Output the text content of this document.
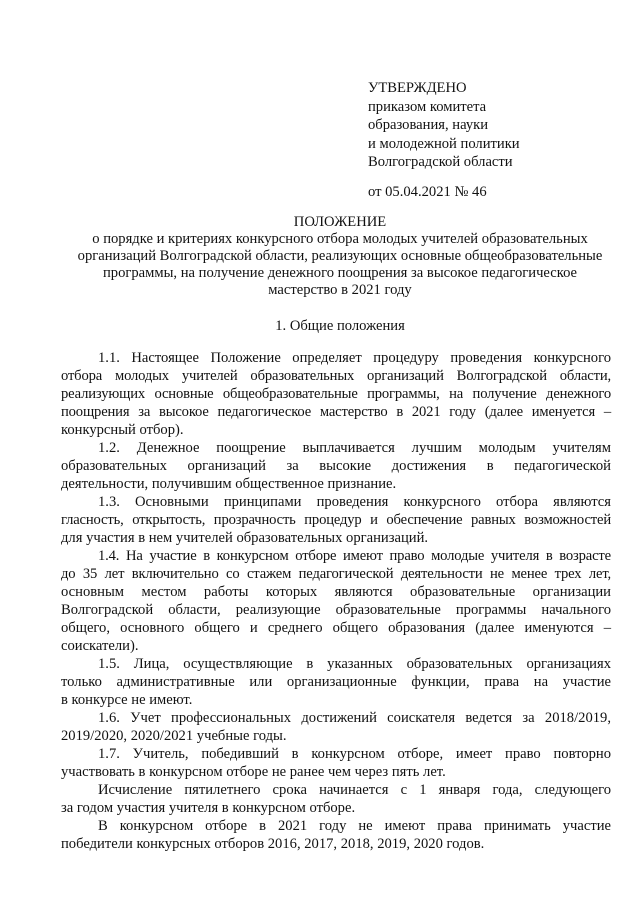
УТВЕРЖДЕНО
приказом комитета
образования, науки
и молодежной политики
Волгоградской области
от 05.04.2021 № 46
ПОЛОЖЕНИЕ
о порядке и критериях конкурсного отбора молодых учителей образовательных
организаций Волгоградской области, реализующих основные общеобразовательные
программы, на получение денежного поощрения за высокое педагогическое
мастерство в 2021 году
1. Общие положения
1.1. Настоящее Положение определяет процедуру проведения конкурсного
отбора молодых учителей образовательных организаций Волгоградской области,
реализующих основные общеобразовательные программы, на получение денежного
поощрения за высокое педагогическое мастерство в 2021 году (далее именуется –
конкурсный отбор).
1.2. Денежное поощрение выплачивается лучшим молодым учителям
образовательных организаций за высокие достижения в педагогической
деятельности, получившим общественное признание.
1.3. Основными принципами проведения конкурсного отбора являются
гласность, открытость, прозрачность процедур и обеспечение равных возможностей
для участия в нем учителей образовательных организаций.
1.4. На участие в конкурсном отборе имеют право молодые учителя в возрасте
до 35 лет включительно со стажем педагогической деятельности не менее трех лет,
основным местом работы которых являются образовательные организации
Волгоградской области, реализующие образовательные программы начального
общего, основного общего и среднего общего образования (далее именуются –
соискатели).
1.5. Лица, осуществляющие в указанных образовательных организациях
только административные или организационные функции, права на участие
в конкурсе не имеют.
1.6. Учет профессиональных достижений соискателя ведется за 2018/2019,
2019/2020, 2020/2021 учебные годы.
1.7. Учитель, победивший в конкурсном отборе, имеет право повторно
участвовать в конкурсном отборе не ранее чем через пять лет.
Исчисление пятилетнего срока начинается с 1 января года, следующего
за годом участия учителя в конкурсном отборе.
В конкурсном отборе в 2021 году не имеют права принимать участие
победители конкурсных отборов 2016, 2017, 2018, 2019, 2020 годов.
